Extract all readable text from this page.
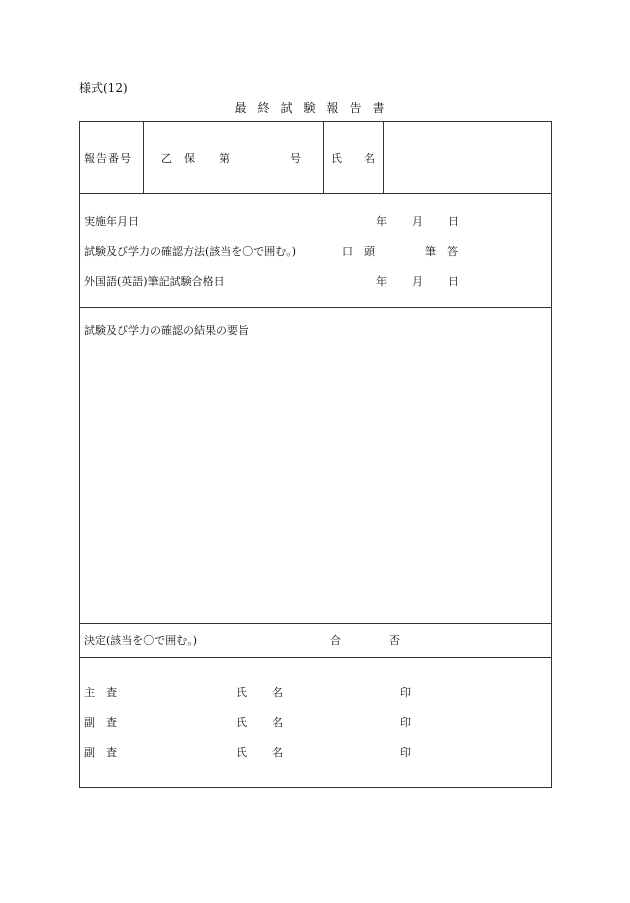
様式(12)
最終試験報告書
報告番号	乙 保 第	号	氏 名
実施年月日	年 月 日
試験及び学力の確認方法(該当を〇で囲む。)	口　頭	筆　答
外国語(英語)筆記試験合格日	年 月 日
試験及び学力の確認の結果の要旨
決定(該当を〇で囲む。)	合	否
主　査	氏 名	印
副　査	氏 名	印
副　査	氏 名	印
